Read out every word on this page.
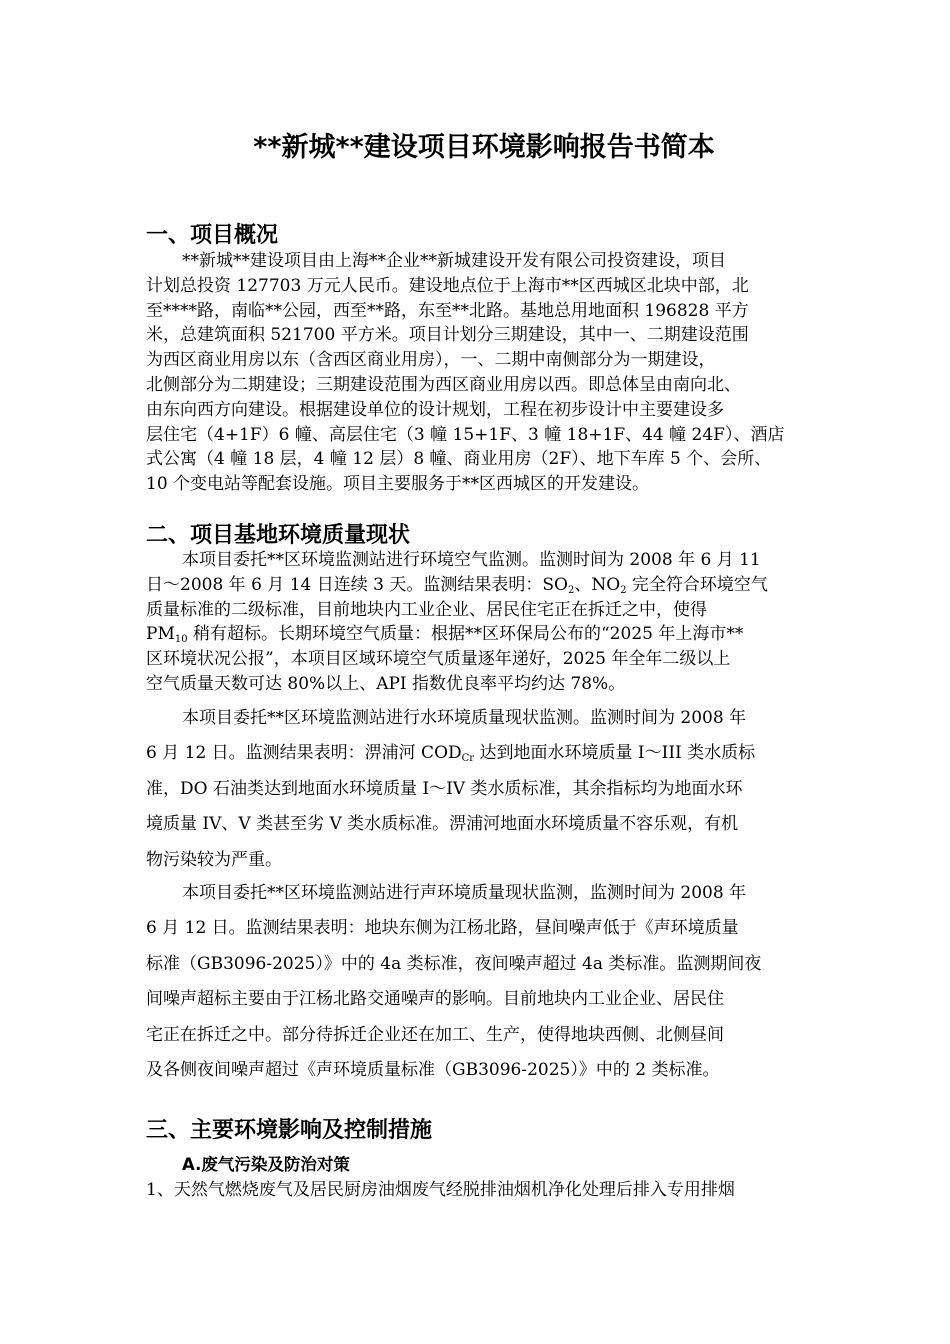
**新城**建设项目环境影响报告书简本
一、项目概况
**新城**建设项目由上海**企业**新城建设开发有限公司投资建设，项目
计划总投资 127703 万元人民币。建设地点位于上海市**区西城区北块中部，北
至****路，南临**公园，西至**路，东至**北路。基地总用地面积 196828 平方
米，总建筑面积 521700 平方米。项目计划分三期建设，其中一、二期建设范围
为西区商业用房以东（含西区商业用房），一、二期中南侧部分为一期建设，
北侧部分为二期建设；三期建设范围为西区商业用房以西。即总体呈由南向北、
由东向西方向建设。根据建设单位的设计规划，工程在初步设计中主要建设多
层住宅（4+1F）6 幢、高层住宅（3 幢 15+1F、3 幢 18+1F、44 幢 24F）、酒店
式公寓（4 幢 18 层，4 幢 12 层）8 幢、商业用房（2F）、地下车库 5 个、会所、
10 个变电站等配套设施。项目主要服务于**区西城区的开发建设。
二、项目基地环境质量现状
本项目委托**区环境监测站进行环境空气监测。监测时间为 2008 年 6 月 11
日～2008 年 6 月 14 日连续 3 天。监测结果表明：$SO_2$、$NO_2$ 完全符合环境空气
质量标准的二级标准，目前地块内工业企业、居民住宅正在拆迁之中，使得
$PM_{10}$ 稍有超标。长期环境空气质量：根据**区环保局公布的“2025 年上海市**
区环境状况公报”，本项目区域环境空气质量逐年递好，2025 年全年二级以上
空气质量天数可达 80%以上、API 指数优良率平均约达 78%。
本项目委托**区环境监测站进行水环境质量现状监测。监测时间为 2008 年
6 月 12 日。监测结果表明：淠浦河 $COD_{Cr}$ 达到地面水环境质量 I～III 类水质标
准，DO 石油类达到地面水环境质量 I～IV 类水质标准，其余指标均为地面水环
境质量 IV、V 类甚至劣 V 类水质标准。淠浦河地面水环境质量不容乐观，有机
物污染较为严重。
本项目委托**区环境监测站进行声环境质量现状监测，监测时间为 2008 年
6 月 12 日。监测结果表明：地块东侧为江杨北路，昼间噪声低于《声环境质量
标准（GB3096-2025）》中的 4a 类标准，夜间噪声超过 4a 类标准。监测期间夜
间噪声超标主要由于江杨北路交通噪声的影响。目前地块内工业企业、居民住
宅正在拆迁之中。部分待拆迁企业还在加工、生产，使得地块西侧、北侧昼间
及各侧夜间噪声超过《声环境质量标准（GB3096-2025）》中的 2 类标准。
三、主要环境影响及控制措施
A.废气污染及防治对策
1、天然气燃烧废气及居民厨房油烟废气经脱排油烟机净化处理后排入专用排烟
